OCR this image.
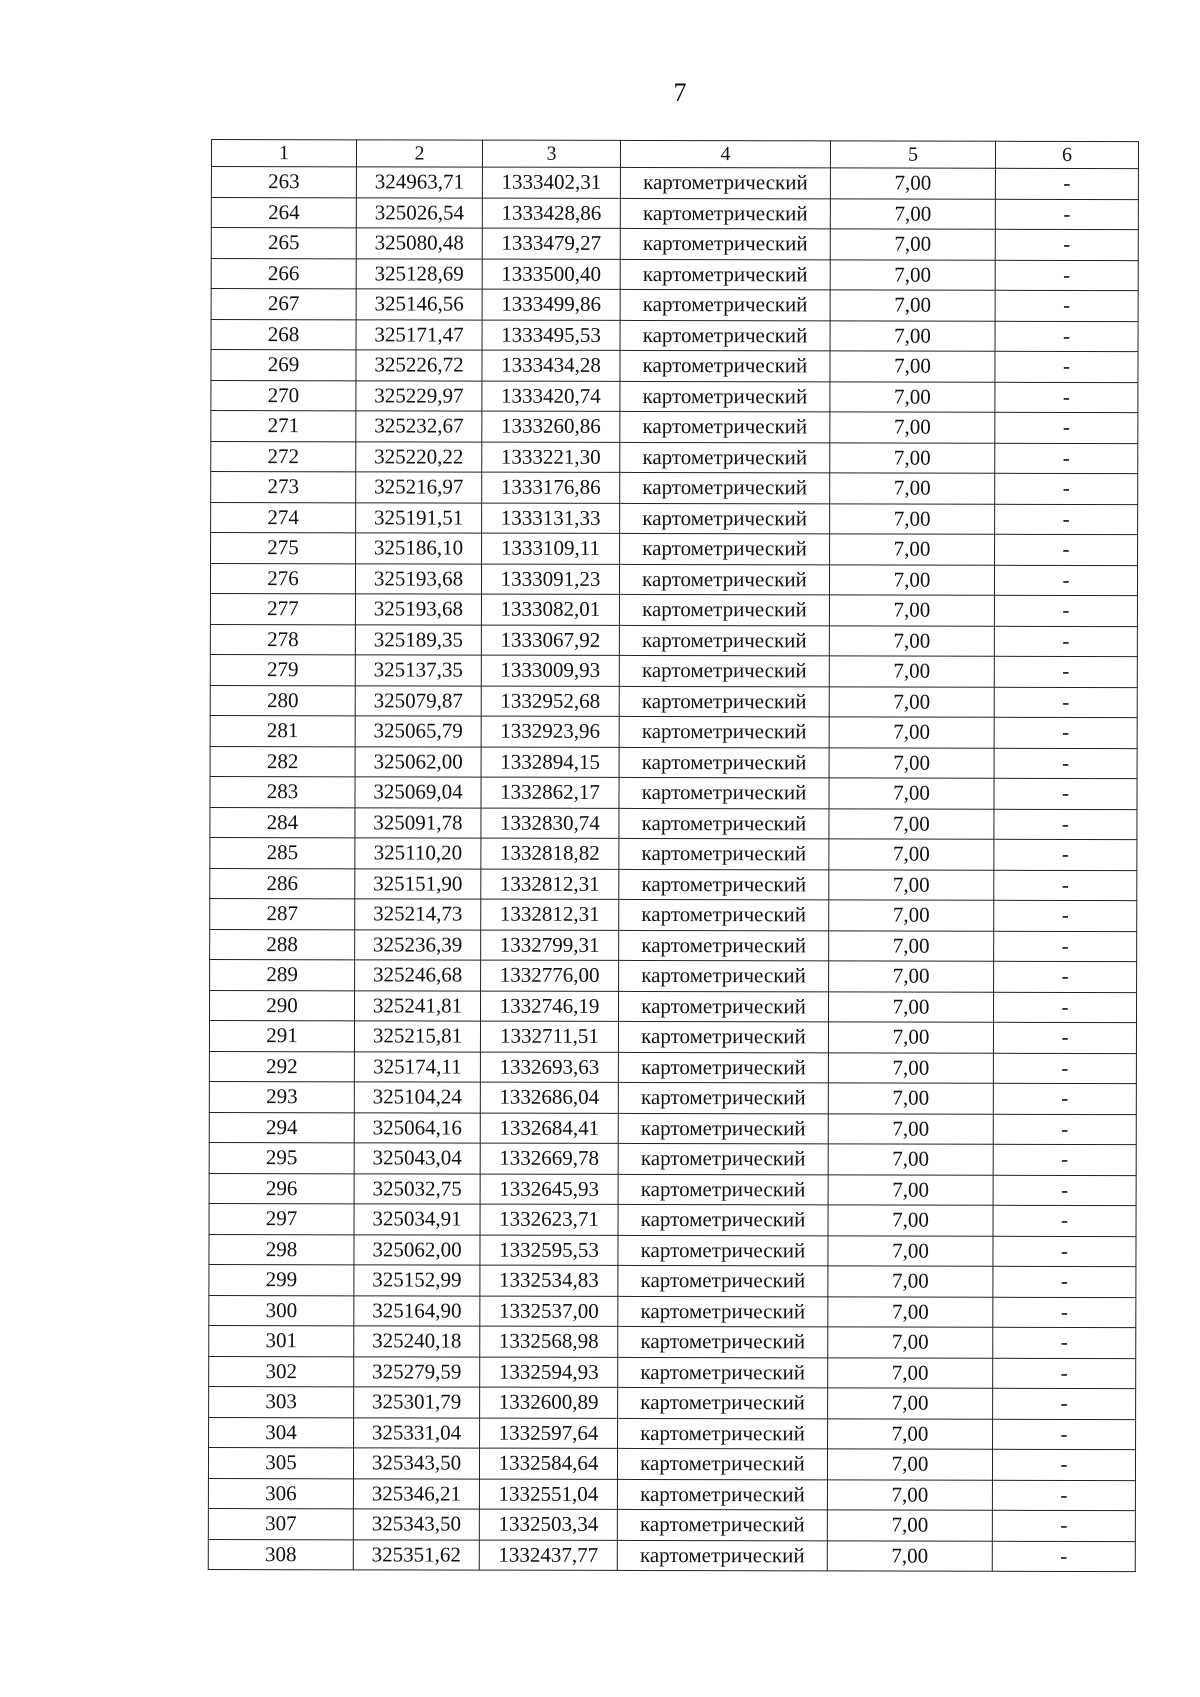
7
1	2	3	4	5	6
263	324963,71	1333402,31	картометрический	7,00	-
264	325026,54	1333428,86	картометрический	7,00	-
265	325080,48	1333479,27	картометрический	7,00	-
266	325128,69	1333500,40	картометрический	7,00	-
267	325146,56	1333499,86	картометрический	7,00	-
268	325171,47	1333495,53	картометрический	7,00	-
269	325226,72	1333434,28	картометрический	7,00	-
270	325229,97	1333420,74	картометрический	7,00	-
271	325232,67	1333260,86	картометрический	7,00	-
272	325220,22	1333221,30	картометрический	7,00	-
273	325216,97	1333176,86	картометрический	7,00	-
274	325191,51	1333131,33	картометрический	7,00	-
275	325186,10	1333109,11	картометрический	7,00	-
276	325193,68	1333091,23	картометрический	7,00	-
277	325193,68	1333082,01	картометрический	7,00	-
278	325189,35	1333067,92	картометрический	7,00	-
279	325137,35	1333009,93	картометрический	7,00	-
280	325079,87	1332952,68	картометрический	7,00	-
281	325065,79	1332923,96	картометрический	7,00	-
282	325062,00	1332894,15	картометрический	7,00	-
283	325069,04	1332862,17	картометрический	7,00	-
284	325091,78	1332830,74	картометрический	7,00	-
285	325110,20	1332818,82	картометрический	7,00	-
286	325151,90	1332812,31	картометрический	7,00	-
287	325214,73	1332812,31	картометрический	7,00	-
288	325236,39	1332799,31	картометрический	7,00	-
289	325246,68	1332776,00	картометрический	7,00	-
290	325241,81	1332746,19	картометрический	7,00	-
291	325215,81	1332711,51	картометрический	7,00	-
292	325174,11	1332693,63	картометрический	7,00	-
293	325104,24	1332686,04	картометрический	7,00	-
294	325064,16	1332684,41	картометрический	7,00	-
295	325043,04	1332669,78	картометрический	7,00	-
296	325032,75	1332645,93	картометрический	7,00	-
297	325034,91	1332623,71	картометрический	7,00	-
298	325062,00	1332595,53	картометрический	7,00	-
299	325152,99	1332534,83	картометрический	7,00	-
300	325164,90	1332537,00	картометрический	7,00	-
301	325240,18	1332568,98	картометрический	7,00	-
302	325279,59	1332594,93	картометрический	7,00	-
303	325301,79	1332600,89	картометрический	7,00	-
304	325331,04	1332597,64	картометрический	7,00	-
305	325343,50	1332584,64	картометрический	7,00	-
306	325346,21	1332551,04	картометрический	7,00	-
307	325343,50	1332503,34	картометрический	7,00	-
308	325351,62	1332437,77	картометрический	7,00	-
